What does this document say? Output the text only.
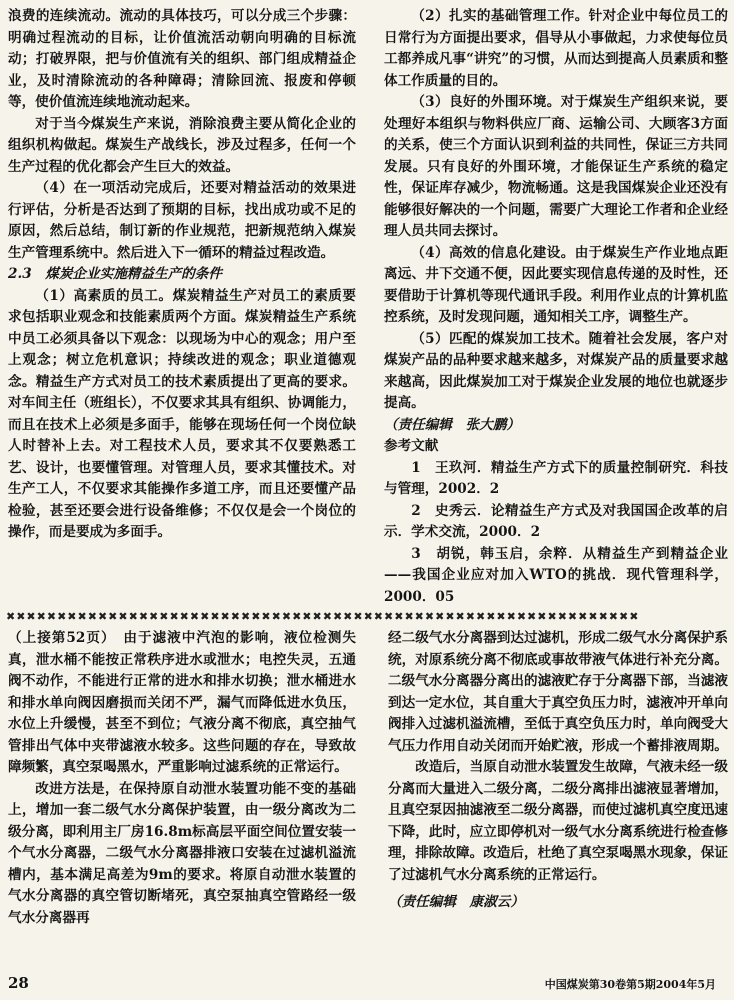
浪费的连续流动。流动的具体技巧，可以分成三个步骤：明确过程流动的目标，让价值流活动朝向明确的目标流动；打破界限，把与价值流有关的组织、部门组成精益企业，及时清除流动的各种障碍；清除回流、报废和停顿等，使价值流连续地流动起来。

对于当今煤炭生产来说，消除浪费主要从简化企业的组织机构做起。煤炭生产战线长，涉及过程多，任何一个生产过程的优化都会产生巨大的效益。

（4）在一项活动完成后，还要对精益活动的效果进行评估，分析是否达到了预期的目标，找出成功或不足的原因，然后总结，制订新的作业规范，把新规范纳入煤炭生产管理系统中。然后进入下一循环的精益过程改造。

2.3　煤炭企业实施精益生产的条件

（1）高素质的员工。煤炭精益生产对员工的素质要求包括职业观念和技能素质两个方面。煤炭精益生产系统中员工必须具备以下观念：以现场为中心的观念；用户至上观念；树立危机意识；持续改进的观念；职业道德观念。精益生产方式对员工的技术素质提出了更高的要求。对车间主任（班组长），不仅要求其具有组织、协调能力，而且在技术上必须是多面手，能够在现场任何一个岗位缺人时替补上去。对工程技术人员，要求其不仅要熟悉工艺、设计，也要懂管理。对管理人员，要求其懂技术。对生产工人，不仅要求其能操作多道工序，而且还要懂产品检验，甚至还要会进行设备维修；不仅仅是会一个岗位的操作，而是要成为多面手。

（2）扎实的基础管理工作。针对企业中每位员工的日常行为方面提出要求，倡导从小事做起，力求使每位员工都养成凡事“讲究”的习惯，从而达到提高人员素质和整体工作质量的目的。

（3）良好的外围环境。对于煤炭生产组织来说，要处理好本组织与物料供应厂商、运输公司、大顾客3方面的关系，使三个方面认识到利益的共同性，保证三方共同发展。只有良好的外围环境，才能保证生产系统的稳定性，保证库存减少，物流畅通。这是我国煤炭企业还没有能够很好解决的一个问题，需要广大理论工作者和企业经理人员共同去探讨。

（4）高效的信息化建设。由于煤炭生产作业地点距离远、井下交通不便，因此要实现信息传递的及时性，还要借助于计算机等现代通讯手段。利用作业点的计算机监控系统，及时发现问题，通知相关工序，调整生产。

（5）匹配的煤炭加工技术。随着社会发展，客户对煤炭产品的品种要求越来越多，对煤炭产品的质量要求越来越高，因此煤炭加工对于煤炭企业发展的地位也就逐步提高。

（责任编辑　张大鹏）

参考文献

1　王玖河．精益生产方式下的质量控制研究．科技与管理，2002．2

2　史秀云．论精益生产方式及对我国国企改革的启示．学术交流，2000．2

3　胡锐，韩玉启，余粹．从精益生产到精益企业——我国企业应对加入WTO的挑战．现代管理科学，2000．05

✖✖✖✖✖✖✖✖✖✖✖✖✖✖✖✖✖✖✖✖✖✖✖✖✖✖✖✖✖✖✖✖✖✖✖✖✖✖✖✖✖✖✖✖✖✖✖✖✖✖✖✖✖✖✖✖✖✖✖✖✖✖

（上接第52页）　由于滤液中汽泡的影响，液位检测失真，泄水桶不能按正常秩序进水或泄水；电控失灵，五通阀不动作，不能进行正常的进水和排水切换；泄水桶进水和排水单向阀因磨损而关闭不严，漏气而降低进水负压，水位上升缓慢，甚至不到位；气液分离不彻底，真空抽气管排出气体中夹带滤液水较多。这些问题的存在，导致故障频繁，真空泵喝黑水，严重影响过滤系统的正常运行。

改进方法是，在保持原自动泄水装置功能不变的基础上，增加一套二级气水分离保护装置，由一级分离改为二级分离，即利用主厂房16.8m标高层平面空间位置安装一个气水分离器，二级气水分离器排液口安装在过滤机溢流槽内，基本满足高差为9m的要求。将原自动泄水装置的气水分离器的真空管切断堵死，真空泵抽真空管路经一级气水分离器再

经二级气水分离器到达过滤机，形成二级气水分离保护系统，对原系统分离不彻底或事故带液气体进行补充分离。二级气水分离器分离出的滤液贮存于分离器下部，当滤液到达一定水位，其自重大于真空负压力时，滤液冲开单向阀排入过滤机溢流槽，至低于真空负压力时，单向阀受大气压力作用自动关闭而开始贮液，形成一个蓄排液周期。

改造后，当原自动泄水装置发生故障，气液未经一级分离而大量进入二级分离，二级分离排出滤液显著增加，且真空泵因抽滤液至二级分离器，而使过滤机真空度迅速下降，此时，应立即停机对一级气水分离系统进行检查修理，排除故障。改造后，杜绝了真空泵喝黑水现象，保证了过滤机气水分离系统的正常运行。

（责任编辑　康淑云）

28	中国煤炭第30卷第5期2004年5月
